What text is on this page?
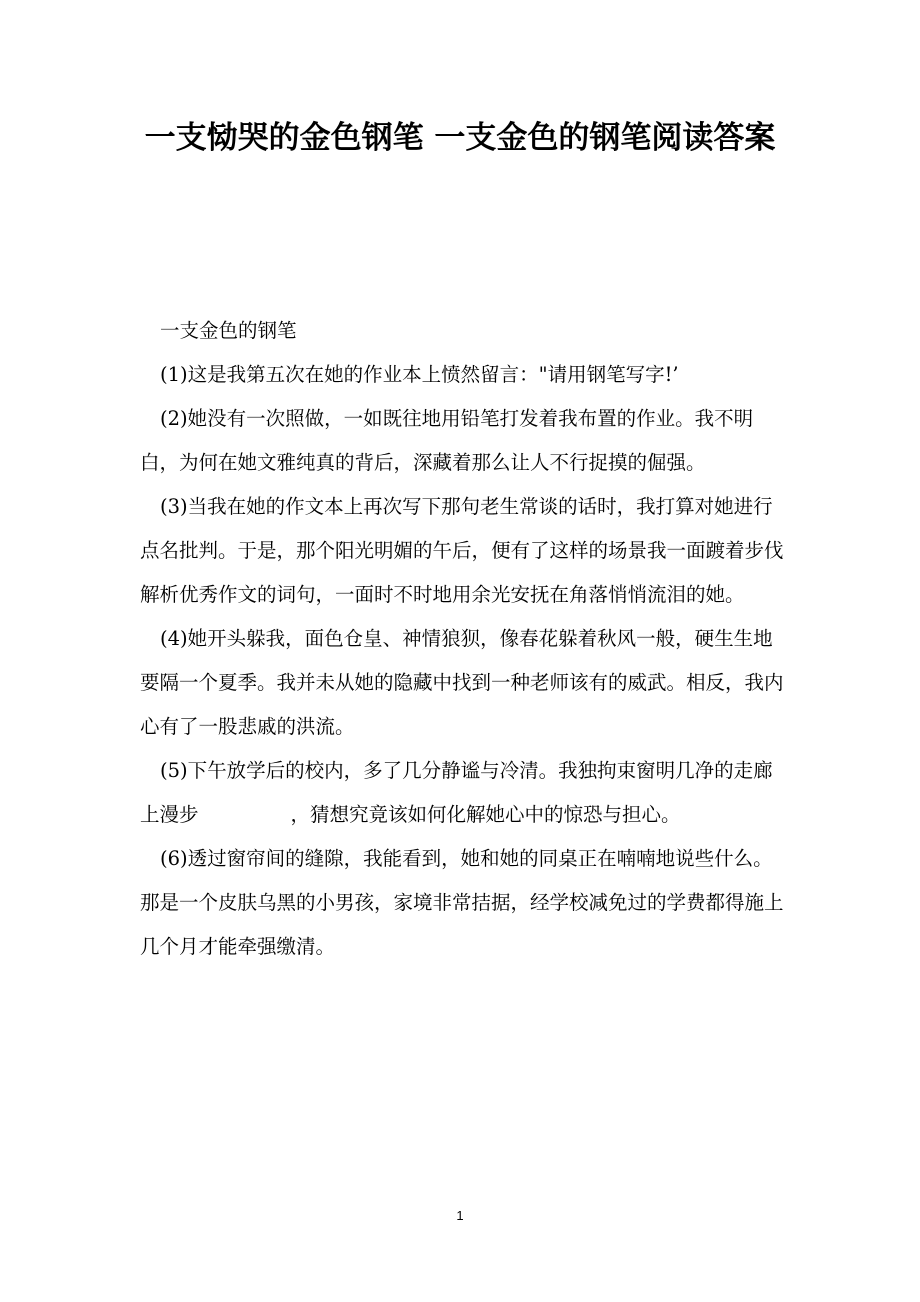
一支恸哭的金色钢笔 一支金色的钢笔阅读答案

一支金色的钢笔

(1)这是我第五次在她的作业本上愤然留言："请用钢笔写字!’

(2)她没有一次照做，一如既往地用铅笔打发着我布置的作业。我不明白，为何在她文雅纯真的背后，深藏着那么让人不行捉摸的倔强。

(3)当我在她的作文本上再次写下那句老生常谈的话时，我打算对她进行点名批判。于是，那个阳光明媚的午后，便有了这样的场景我一面踱着步伐解析优秀作文的词句，一面时不时地用余光安抚在角落悄悄流泪的她。

(4)她开头躲我，面色仓皇、神情狼狈，像春花躲着秋风一般，硬生生地要隔一个夏季。我并未从她的隐藏中找到一种老师该有的威武。相反，我内心有了一股悲戚的洪流。

(5)下午放学后的校内，多了几分静谧与冷清。我独拘束窗明几净的走廊上漫步	，猜想究竟该如何化解她心中的惊恐与担心。

(6)透过窗帘间的缝隙，我能看到，她和她的同桌正在喃喃地说些什么。那是一个皮肤乌黑的小男孩，家境非常拮据，经学校减免过的学费都得施上几个月才能牵强缴清。

1
